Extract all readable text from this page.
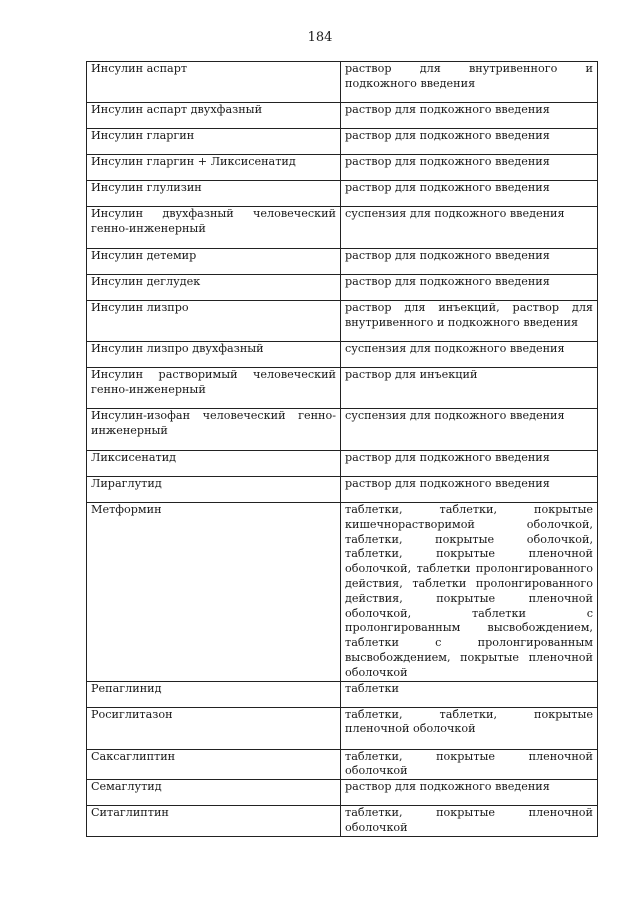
184
Инсулин аспарт	раствор для внутривенного и подкожного введения
Инсулин аспарт двухфазный	раствор для подкожного введения
Инсулин гларгин	раствор для подкожного введения
Инсулин гларгин + Ликсисенатид	раствор для подкожного введения
Инсулин глулизин	раствор для подкожного введения
Инсулин двухфазный человеческий генно-инженерный	суспензия для подкожного введения
Инсулин детемир	раствор для подкожного введения
Инсулин деглудек	раствор для подкожного введения
Инсулин лизпро	раствор для инъекций, раствор для внутривенного и подкожного введения
Инсулин лизпро двухфазный	суспензия для подкожного введения
Инсулин растворимый человеческий генно-инженерный	раствор для инъекций
Инсулин-изофан человеческий генно-инженерный	суспензия для подкожного введения
Ликсисенатид	раствор для подкожного введения
Лираглутид	раствор для подкожного введения
Метформин	таблетки, таблетки, покрытые кишечнорастворимой оболочкой, таблетки, покрытые оболочкой, таблетки, покрытые пленочной оболочкой, таблетки пролонгированного действия, таблетки пролонгированного действия, покрытые пленочной оболочкой, таблетки с пролонгированным высвобождением, таблетки с пролонгированным высвобождением, покрытые пленочной оболочкой
Репаглинид	таблетки
Росиглитазон	таблетки, таблетки, покрытые пленочной оболочкой
Саксаглиптин	таблетки, покрытые пленочной оболочкой
Семаглутид	раствор для подкожного введения
Ситаглиптин	таблетки, покрытые пленочной оболочкой
